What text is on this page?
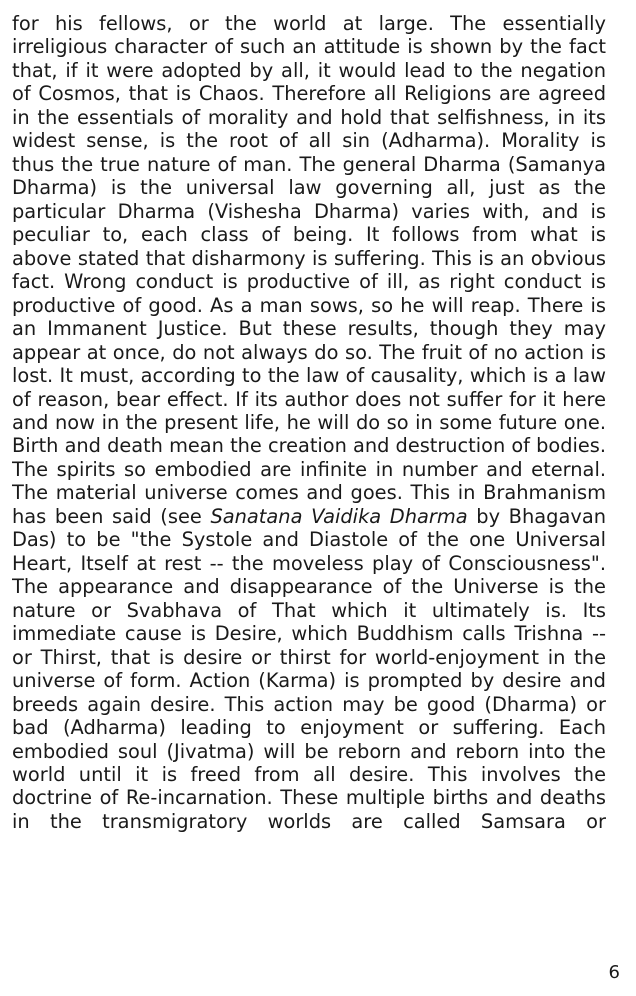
for his fellows, or the world at large. The essentially
irreligious character of such an attitude is shown by the fact
that, if it were adopted by all, it would lead to the negation
of Cosmos, that is Chaos. Therefore all Religions are agreed
in the essentials of morality and hold that selfishness, in its
widest sense, is the root of all sin (Adharma). Morality is
thus the true nature of man. The general Dharma (Samanya
Dharma) is the universal law governing all, just as the
particular Dharma (Vishesha Dharma) varies with, and is
peculiar to, each class of being. It follows from what is
above stated that disharmony is suffering. This is an obvious
fact. Wrong conduct is productive of ill, as right conduct is
productive of good. As a man sows, so he will reap. There is
an Immanent Justice. But these results, though they may
appear at once, do not always do so. The fruit of no action is
lost. It must, according to the law of causality, which is a law
of reason, bear effect. If its author does not suffer for it here
and now in the present life, he will do so in some future one.
Birth and death mean the creation and destruction of bodies.
The spirits so embodied are infinite in number and eternal.
The material universe comes and goes. This in Brahmanism
has been said (see Sanatana Vaidika Dharma by Bhagavan
Das) to be "the Systole and Diastole of the one Universal
Heart, Itself at rest -- the moveless play of Consciousness".
The appearance and disappearance of the Universe is the
nature or Svabhava of That which it ultimately is. Its
immediate cause is Desire, which Buddhism calls Trishna --
or Thirst, that is desire or thirst for world-enjoyment in the
universe of form. Action (Karma) is prompted by desire and
breeds again desire. This action may be good (Dharma) or
bad (Adharma) leading to enjoyment or suffering. Each
embodied soul (Jivatma) will be reborn and reborn into the
world until it is freed from all desire. This involves the
doctrine of Re-incarnation. These multiple births and deaths
in the transmigratory worlds are called Samsara or
6
